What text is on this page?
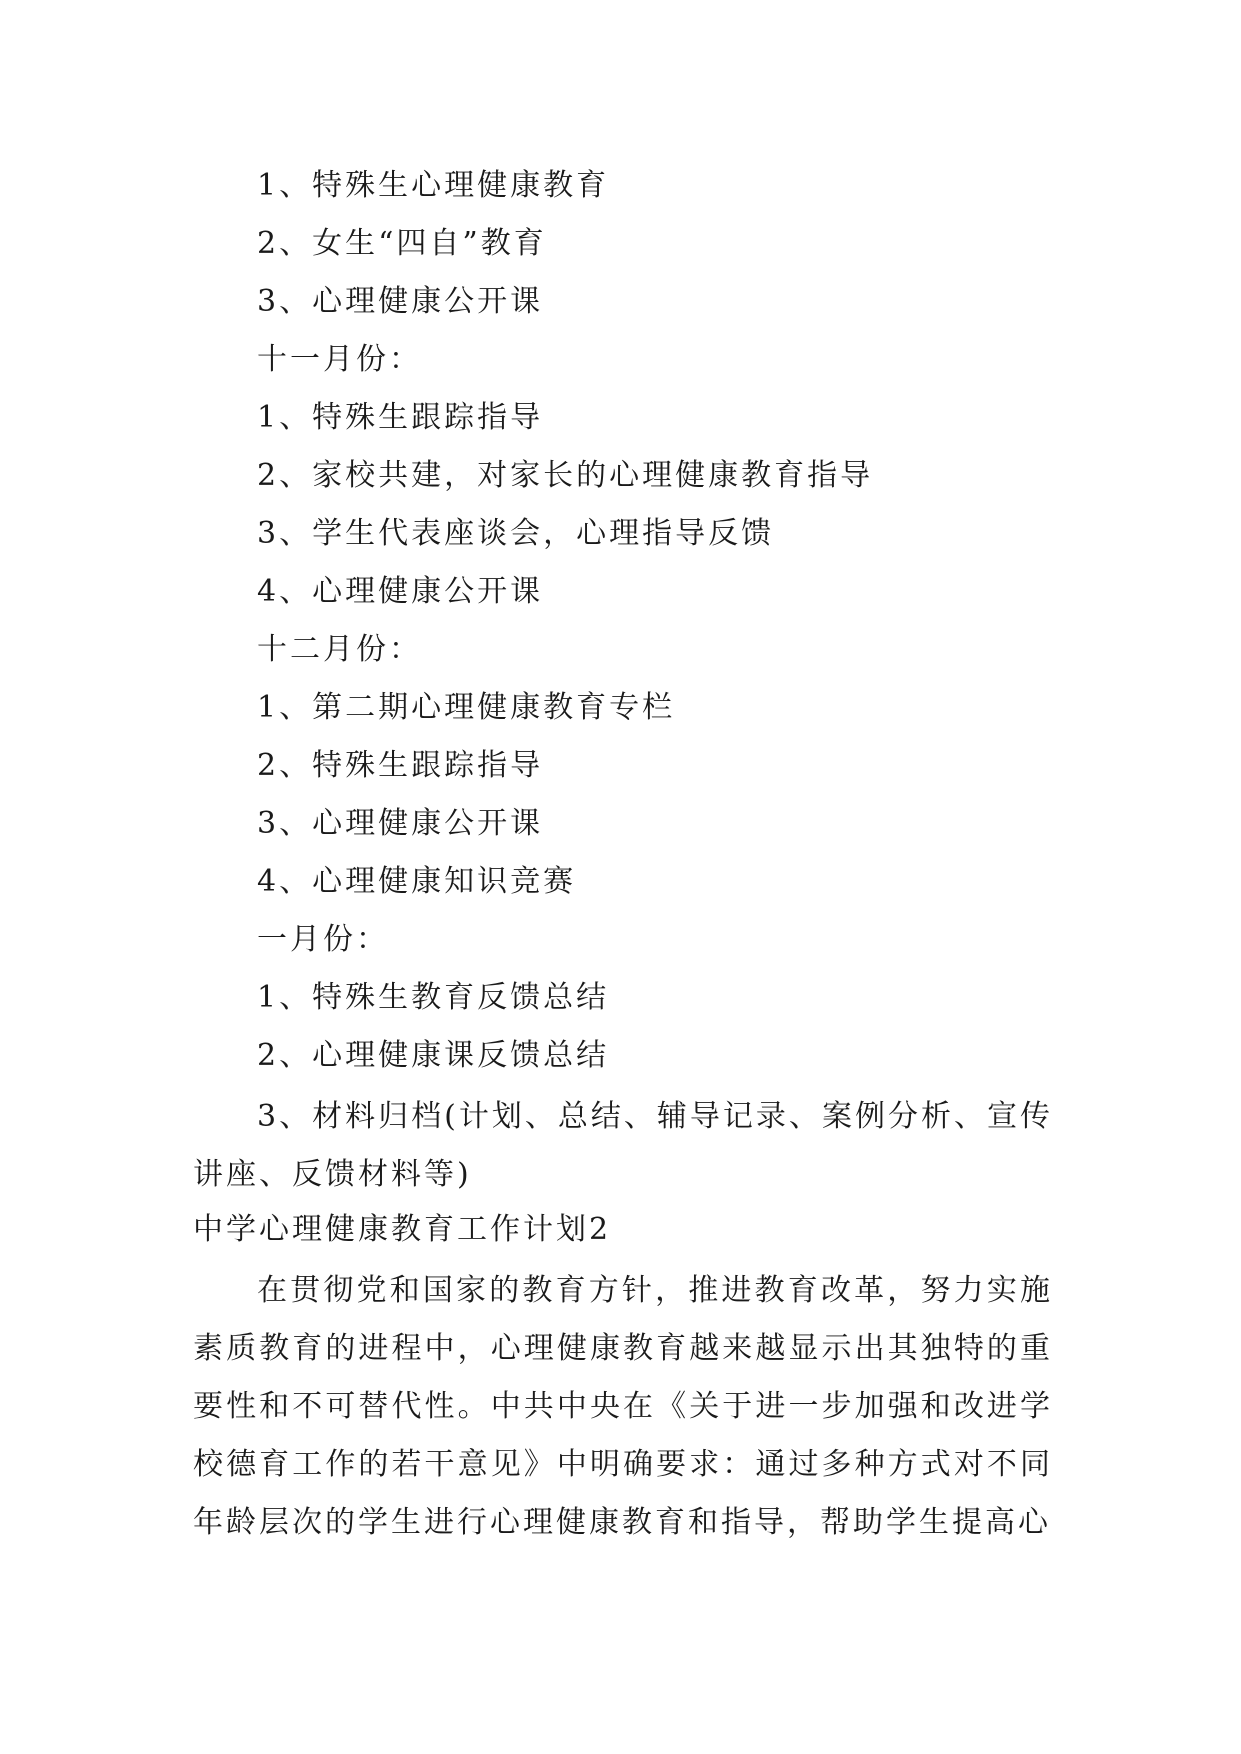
1、特殊生心理健康教育
2、女生“四自”教育
3、心理健康公开课
十一月份：
1、特殊生跟踪指导
2、家校共建，对家长的心理健康教育指导
3、学生代表座谈会，心理指导反馈
4、心理健康公开课
十二月份：
1、第二期心理健康教育专栏
2、特殊生跟踪指导
3、心理健康公开课
4、心理健康知识竞赛
一月份：
1、特殊生教育反馈总结
2、心理健康课反馈总结
3、材料归档(计划、总结、辅导记录、案例分析、宣传讲座、反馈材料等)
中学心理健康教育工作计划2
在贯彻党和国家的教育方针，推进教育改革，努力实施素质教育的进程中，心理健康教育越来越显示出其独特的重要性和不可替代性。中共中央在《关于进一步加强和改进学校德育工作的若干意见》中明确要求：通过多种方式对不同年龄层次的学生进行心理健康教育和指导，帮助学生提高心
